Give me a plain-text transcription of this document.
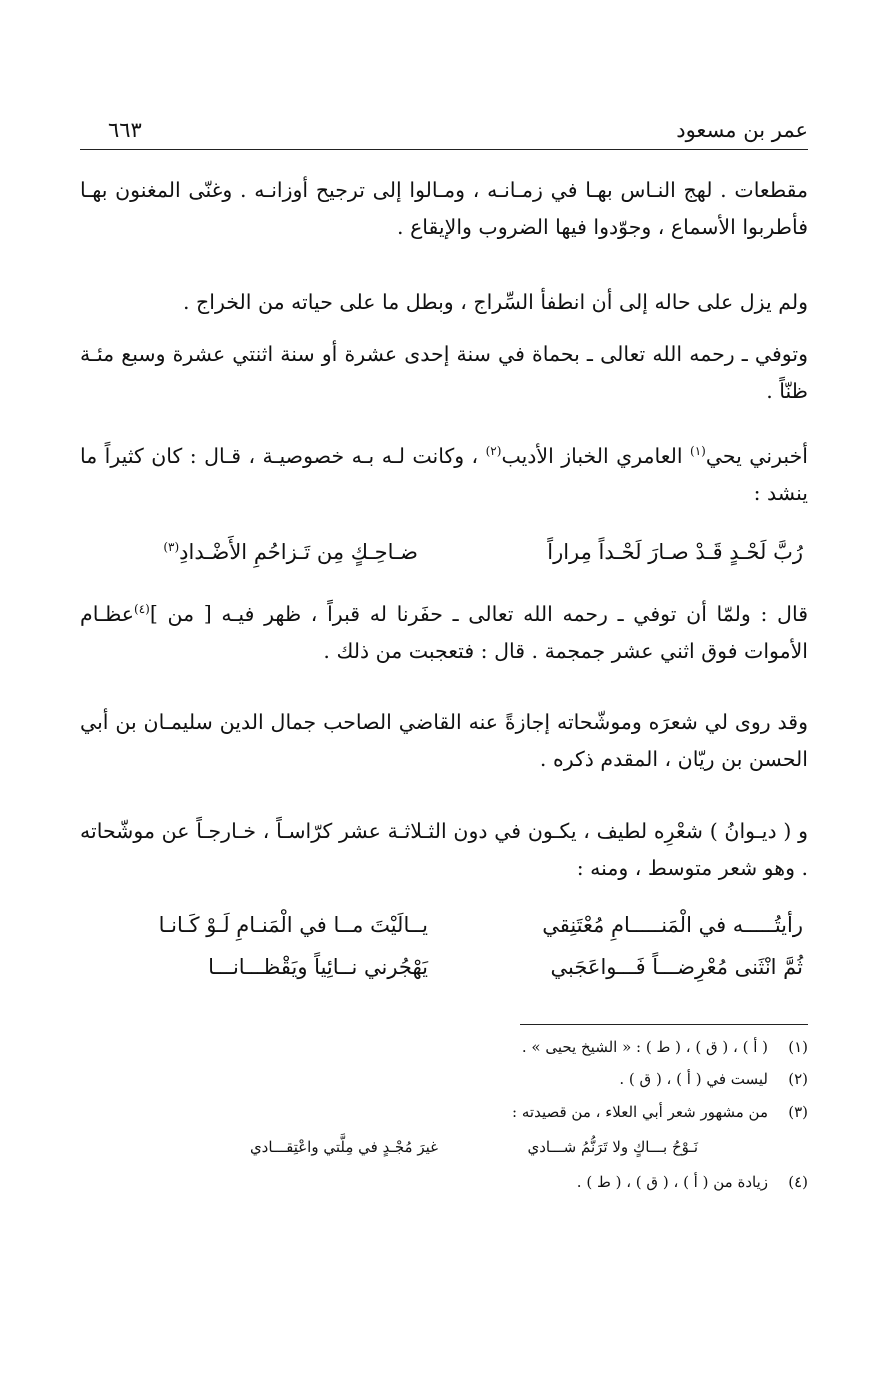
عمر بن مسعود
٦٦٣

مقطعات . لهج النـاس بهـا في زمـانـه ، ومـالوا إلى ترجيح أوزانـه . وغنّى المغنون بهـا فأطربوا الأسماع ، وجوّدوا فيها الضروب والإيقاع .

ولم يزل على حاله إلى أن انطفأ السِّراج ، وبطل ما على حياته من الخراج .

وتوفي ـ رحمه الله تعالى ـ بحماة في سنة إحدى عشرة أو سنة اثنتي عشرة وسبع مئـة ظنّاً .

أخبرني يحي$^{(١)}$ العامري الخباز الأديب$^{(٢)}$ ، وكانت لـه بـه خصوصيـة ، قـال : كان كثيراً ما ينشد :

رُبَّ لَحْـدٍ قَـدْ صـارَ لَحْـداً مِراراً
ضـاحِـكٍ مِن تَـزاحُمِ الأَضْـدادِ$^{(٣)}$

قال : ولمّا أن توفي ـ رحمه الله تعالى ـ حفَرنا له قبراً ، ظهر فيـه [ من ]$^{(٤)}$عظـام الأموات فوق اثني عشر جمجمة . قال : فتعجبت من ذلك .

وقد روى لي شعرَه وموشّحاته إجازةً عنه القاضي الصاحب جمال الدين سليمـان بن أبي الحسن بن ريّان ، المقدم ذكره .

و ( ديـوانُ ) شعْرِه لطيف ، يكـون في دون الثـلاثـة عشر كرّاسـاً ، خـارجـاً عن موشّحاته . وهو شعر متوسط ، ومنه :

رأيتُـــــه في الْمَنـــــامِ مُعْتَنِقي
يــالَيْتَ مــا في الْمَنـامِ لَـوْ كَـانـا
ثُمَّ انْثَنى مُعْرِضـــاً فَـــواعَجَبي
يَهْجُرني نــائِياً ويَقْظـــانـــا
(١)( أ ) ، ( ق ) ، ( ط ) : « الشيخ يحيى » .
(٢)ليست في ( أ ) ، ( ق ) .
(٣)من مشهور شعر أبي العلاء ، من قصيدته :
غيرَ مُجْـدٍ في مِلَّتي واعْتِقـــادي	نَـوْحُ بـــاكٍ ولا تَرَنُّمُ شـــادي
(٤)زيادة من ( أ ) ، ( ق ) ، ( ط ) .
